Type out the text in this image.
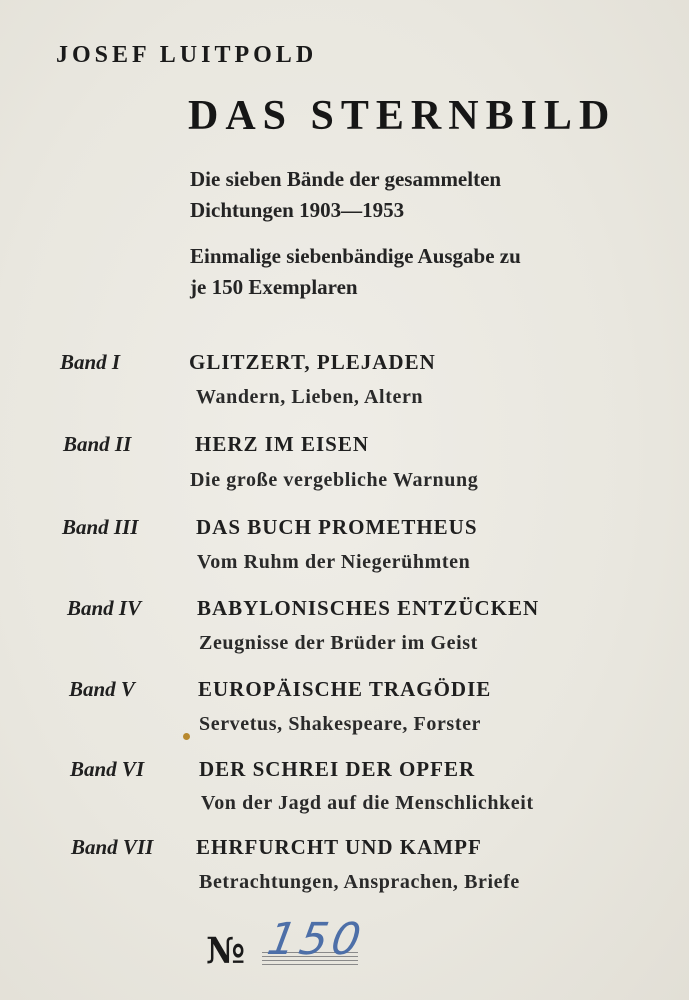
JOSEF LUITPOLD
DAS STERNBILD
Die sieben Bände der gesammelten
Dichtungen 1903—1953
Einmalige siebenbändige Ausgabe zu
je 150 Exemplaren
Band I	GLITZERT, PLEJADEN
Wandern, Lieben, Altern
Band II	HERZ IM EISEN
Die große vergebliche Warnung
Band III	DAS BUCH PROMETHEUS
Vom Ruhm der Niegerühmten
Band IV	BABYLONISCHES ENTZÜCKEN
Zeugnisse der Brüder im Geist
Band V	EUROPÄISCHE TRAGÖDIE
Servetus, Shakespeare, Forster
Band VI	DER SCHREI DER OPFER
Von der Jagd auf die Menschlichkeit
Band VII EHRFURCHT UND KAMPF
Betrachtungen, Ansprachen, Briefe
№ 150
